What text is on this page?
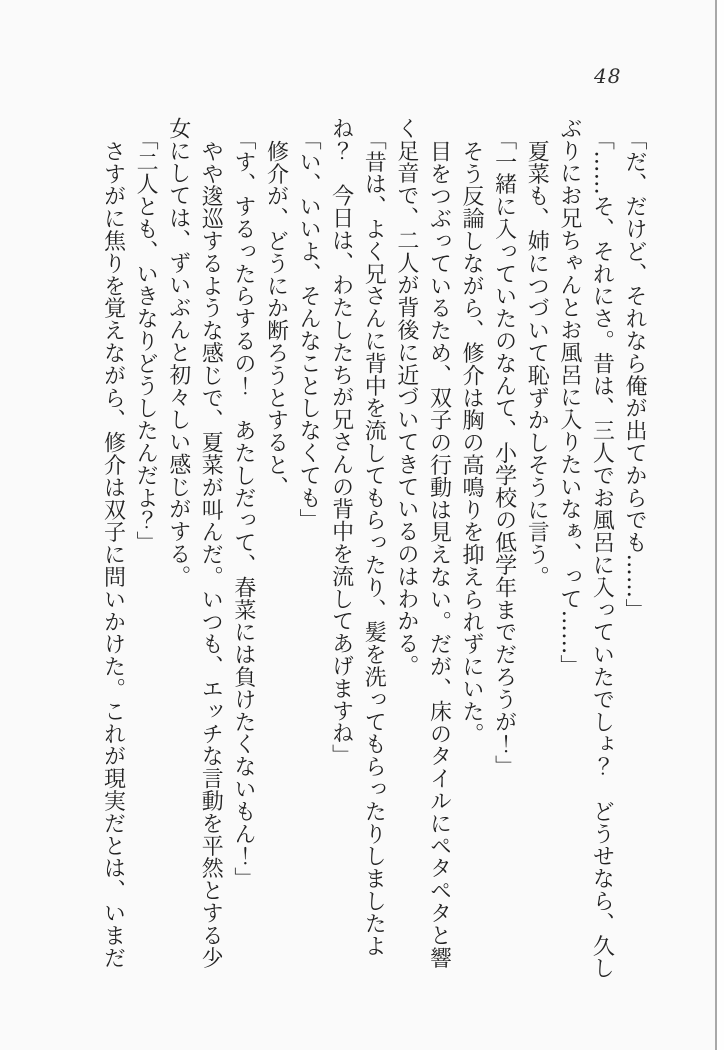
48
「だ、だけど、それなら俺が出てからでも……」
「……そ、それにさ。昔は、三人でお風呂に入っていたでしょ？　どうせなら、久し
ぶりにお兄ちゃんとお風呂に入りたいなぁ、って……」
夏菜も、姉につづいて恥ずかしそうに言う。
「一緒に入っていたのなんて、小学校の低学年までだろうが！」
そう反論しながら、修介は胸の高鳴りを抑えられずにいた。
目をつぶっているため、双子の行動は見えない。だが、床のタイルにペタペタと響
く足音で、二人が背後に近づいてきているのはわかる。
「昔は、よく兄さんに背中を流してもらったり、髪を洗ってもらったりしましたよ
ね？　今日は、わたしたちが兄さんの背中を流してあげますね」
「い、いいよ、そんなことしなくても」
修介が、どうにか断ろうとすると、
「す、するったらするの！　あたしだって、春菜には負けたくないもん！」
やや逡巡するような感じで、夏菜が叫んだ。いつも、エッチな言動を平然とする少
女にしては、ずいぶんと初々しい感じがする。
「二人とも、いきなりどうしたんだよ？」
さすがに焦りを覚えながら、修介は双子に問いかけた。これが現実だとは、いまだ
